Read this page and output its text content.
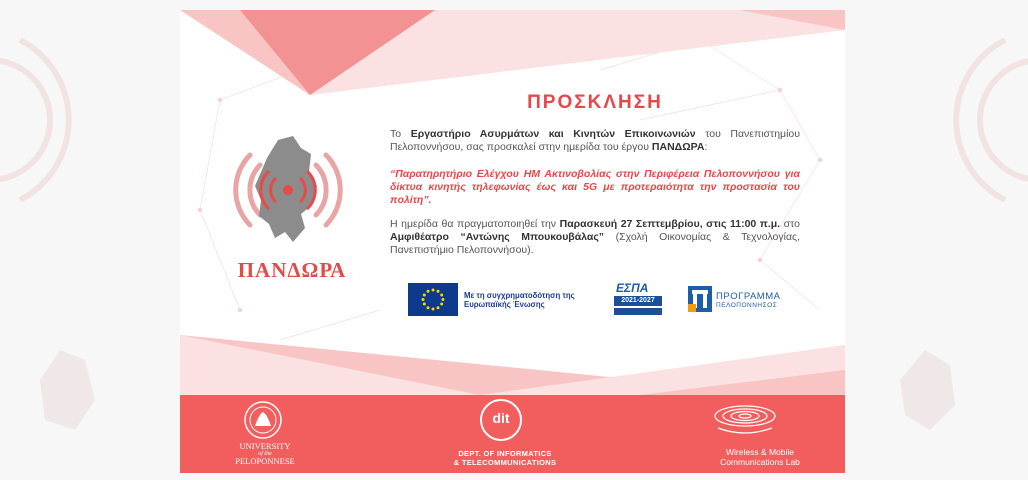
ΠΑΝΔΩΡΑ
ΠΡΟΣΚΛΗΣΗ
Το Εργαστήριο Ασυρμάτων και Κινητών Επικοινωνιών του Πανεπιστημίου Πελοποννήσου, σας προσκαλεί στην ημερίδα του έργου ΠΑΝΔΩΡΑ:
“Παρατηρητήριο Ελέγχου ΗΜ Ακτινοβολίας στην Περιφέρεια Πελοποννήσου για δίκτυα κινητής τηλεφωνίας έως και 5G με προτεραιότητα την προστασία του πολίτη”.
Η ημερίδα θα πραγματοποιηθεί την Παρασκευή 27 Σεπτεμβρίου, στις 11:00 π.μ. στο Αμφιθέατρο “Αντώνης Μπουκουβάλας” (Σχολή Οικονομίας & Τεχνολογίας, Πανεπιστήμιο Πελοποννήσου).
Με τη συγχρηματοδότηση της Ευρωπαϊκής Ένωσης
ΕΣΠΑ
2021-2027	ΠΡΟΓΡΑΜΜΑ
ΠΕΛΟΠΟΝΝΗΣΟΣ
UNIVERSITY
of the
PELOPONNESE
dit
DEPT. OF INFORMATICS
& TELECOMMUNICATIONS
Wireless & Mobile
Communications Lab
